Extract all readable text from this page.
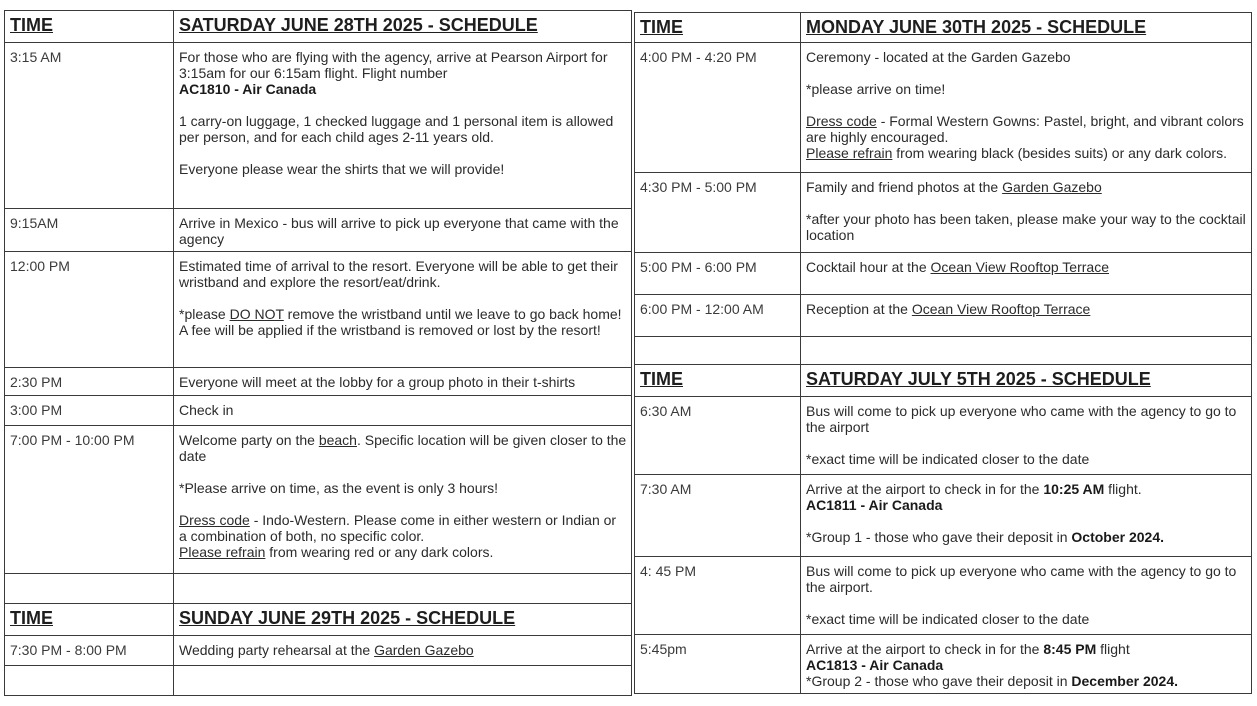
TIME	SATURDAY JUNE 28TH 2025 - SCHEDULE
3:15 AM	For those who are flying with the agency, arrive at Pearson Airport for 3:15am for our 6:15am flight. Flight number
AC1810 - Air Canada

1 carry-on luggage, 1 checked luggage and 1 personal item is allowed per person, and for each child ages 2-11 years old.

Everyone please wear the shirts that we will provide!

9:15AM	Arrive in Mexico - bus will arrive to pick up everyone that came with the agency

12:00 PM	Estimated time of arrival to the resort. Everyone will be able to get their wristband and explore the resort/eat/drink.

*please DO NOT remove the wristband until we leave to go back home! A fee will be applied if the wristband is removed or lost by the resort!

2:30 PM	Everyone will meet at the lobby for a group photo in their t-shirts

3:00 PM	Check in

7:00 PM - 10:00 PM	Welcome party on the beach. Specific location will be given closer to the date

*Please arrive on time, as the event is only 3 hours!

Dress code - Indo-Western. Please come in either western or Indian or a combination of both, no specific color.

Please refrain from wearing red or any dark colors.

TIME	SUNDAY JUNE 29TH 2025 - SCHEDULE
7:30 PM - 8:00 PM	Wedding party rehearsal at the Garden Gazebo

TIME	MONDAY JUNE 30TH 2025 - SCHEDULE
4:00 PM - 4:20 PM	Ceremony - located at the Garden Gazebo

*please arrive on time!

Dress code - Formal Western Gowns: Pastel, bright, and vibrant colors are highly encouraged.

Please refrain from wearing black (besides suits) or any dark colors.

4:30 PM - 5:00 PM	Family and friend photos at the Garden Gazebo

*after your photo has been taken, please make your way to the cocktail location

5:00 PM - 6:00 PM	Cocktail hour at the Ocean View Rooftop Terrace

6:00 PM - 12:00 AM	Reception at the Ocean View Rooftop Terrace

TIME	SATURDAY JULY 5TH 2025 - SCHEDULE
6:30 AM	Bus will come to pick up everyone who came with the agency to go to the airport

*exact time will be indicated closer to the date

7:30 AM	Arrive at the airport to check in for the 10:25 AM flight.
AC1811 - Air Canada

*Group 1 - those who gave their deposit in October 2024.

4: 45 PM	Bus will come to pick up everyone who came with the agency to go to the airport.

*exact time will be indicated closer to the date

5:45pm	Arrive at the airport to check in for the 8:45 PM flight
AC1813 - Air Canada
*Group 2 - those who gave their deposit in December 2024.
